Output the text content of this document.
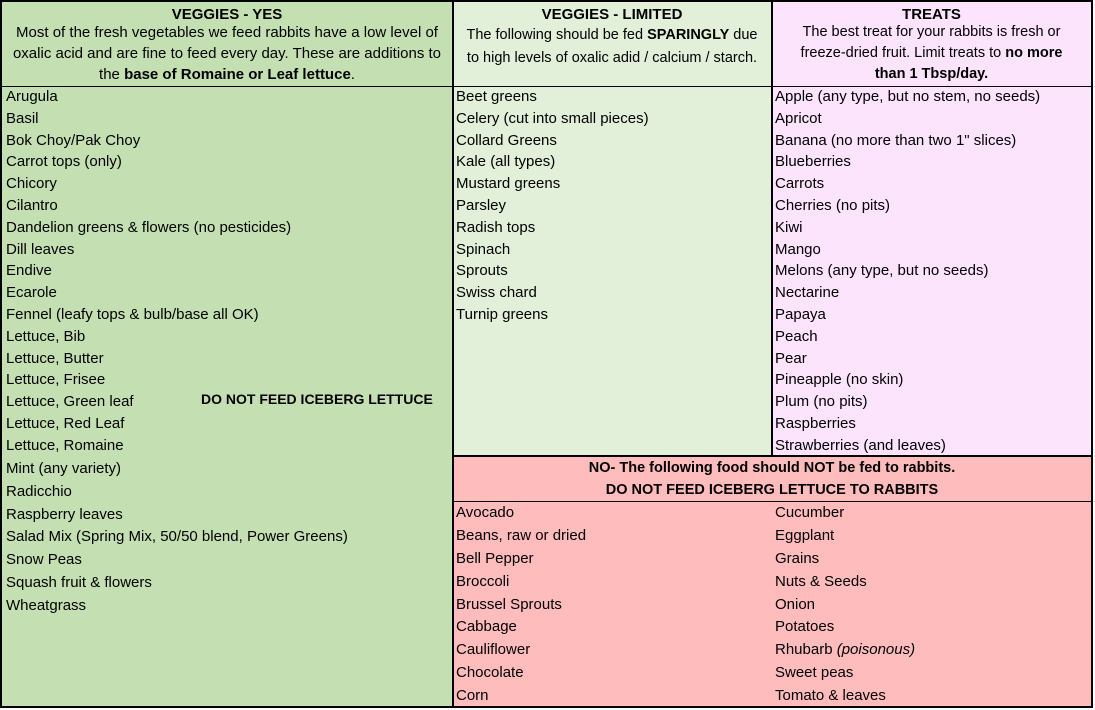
VEGGIES - YES
Most of the fresh vegetables we feed rabbits have a low level of
oxalic acid and are fine to feed every day. These are additions to
the base of Romaine or Leaf lettuce.
Arugula
Basil
Bok Choy/Pak Choy
Carrot tops (only)
Chicory
Cilantro
Dandelion greens & flowers (no pesticides)
Dill leaves
Endive
Ecarole
Fennel (leafy tops & bulb/base all OK)
Lettuce, Bib
Lettuce, Butter
Lettuce, Frisee
Lettuce, Green leaf
Lettuce, Red Leaf
Lettuce, Romaine
DO NOT FEED ICEBERG LETTUCE
Mint (any variety)
Radicchio
Raspberry leaves
Salad Mix (Spring Mix, 50/50 blend, Power Greens)
Snow Peas
Squash fruit & flowers
Wheatgrass
VEGGIES - LIMITED
The following should be fed SPARINGLY due
to high levels of oxalic adid / calcium / starch.
Beet greens
Celery (cut into small pieces)
Collard Greens
Kale (all types)
Mustard greens
Parsley
Radish tops
Spinach
Sprouts
Swiss chard
Turnip greens
TREATS
The best treat for your rabbits is fresh or
freeze-dried fruit. Limit treats to no more
than 1 Tbsp/day.
Apple (any type, but no stem, no seeds)
Apricot
Banana (no more than two 1" slices)
Blueberries
Carrots
Cherries (no pits)
Kiwi
Mango
Melons (any type, but no seeds)
Nectarine
Papaya
Peach
Pear
Pineapple (no skin)
Plum (no pits)
Raspberries
Strawberries (and leaves)
NO- The following food should NOT be fed to rabbits.
DO NOT FEED ICEBERG LETTUCE TO RABBITS
Avocado
Beans, raw or dried
Bell Pepper
Broccoli
Brussel Sprouts
Cabbage
Cauliflower
Chocolate
Corn
Cucumber
Eggplant
Grains
Nuts & Seeds
Onion
Potatoes
Rhubarb (poisonous)
Sweet peas
Tomato & leaves
